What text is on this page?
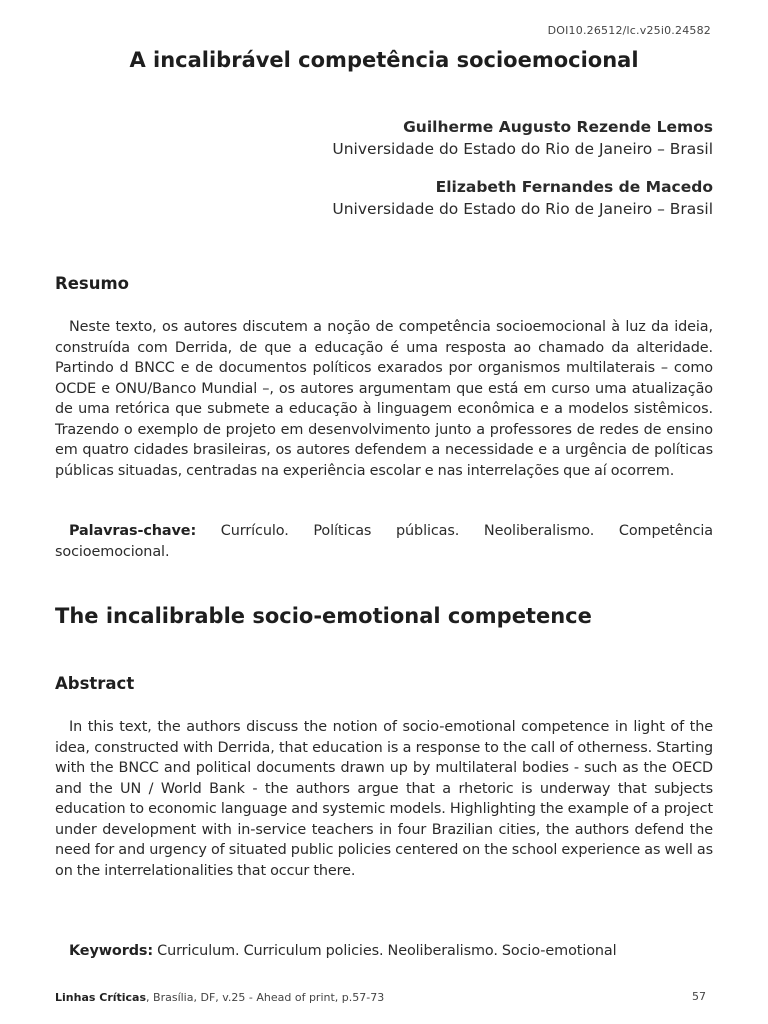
DOI10.26512/lc.v25i0.24582
A incalibrável competência socioemocional
Guilherme Augusto Rezende Lemos
Universidade do Estado do Rio de Janeiro – Brasil
Elizabeth Fernandes de Macedo
Universidade do Estado do Rio de Janeiro – Brasil
Resumo

Neste texto, os autores discutem a noção de competência socioemocional à luz da ideia, construída com Derrida, de que a educação é uma resposta ao chamado da alteridade. Partindo d BNCC e de documentos políticos exarados por organismos multilaterais – como OCDE e ONU/Banco Mundial –, os autores argumentam que está em curso uma atualização de uma retórica que submete a educação à linguagem econômica e a modelos sistêmicos. Trazendo o exemplo de projeto em desenvolvimento junto a professores de redes de ensino em quatro cidades brasileiras, os autores defendem a necessidade e a urgência de políticas públicas situadas, centradas na experiência escolar e nas interrelações que aí ocorrem.

Palavras-chave: Currículo. Políticas públicas. Neoliberalismo. Competência socioemocional.

The incalibrable socio-emotional competence
Abstract

In this text, the authors discuss the notion of socio-emotional competence in light of the idea, constructed with Derrida, that education is a response to the call of otherness. Starting with the BNCC and political documents drawn up by multilateral bodies - such as the OECD and the UN / World Bank - the authors argue that a rhetoric is underway that subjects education to economic language and systemic models. Highlighting the example of a project under development with in-service teachers in four Brazilian cities, the authors defend the need for and urgency of situated public policies centered on the school experience as well as on the interrelationalities that occur there.

Keywords: Curriculum. Curriculum policies. Neoliberalismo. Socio-emotional

Linhas Críticas, Brasília, DF, v.25 - Ahead of print, p.57-73	57
